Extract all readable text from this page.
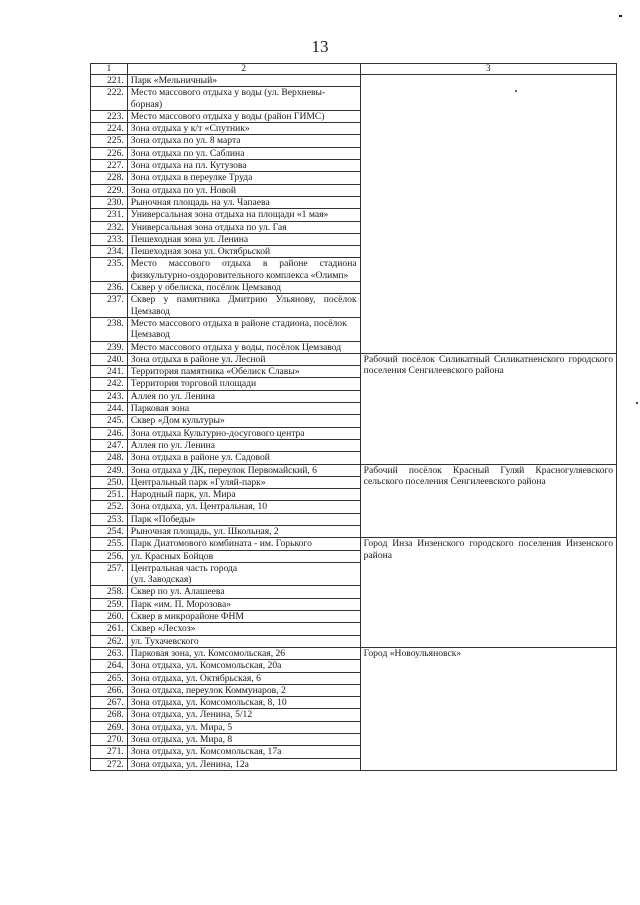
13
1	2	3
221.	Парк «Мельничный»	
222.	Место массового отдыха у воды (ул. Верхневы-борная)	
223.	Место массового отдыха у воды (район ГИМС)	
224.	Зона отдыха у к/т «Спутник»	
225.	Зона отдыха по ул. 8 марта	
226.	Зона отдыха по ул. Саблина	
227.	Зона отдыха на пл. Кутузова	
228.	Зона отдыха в переулке Труда	
229.	Зона отдыха по ул. Новой	
230.	Рыночная площадь на ул. Чапаева	
231.	Универсальная зона отдыха на площади «1 мая»	
232.	Универсальная зона отдыха по ул. Гая	
233.	Пешеходная зона ул. Ленина	
234.	Пешеходная зона ул. Октябрьской	
235.	Место массового отдыха в районе стадиона физкультурно-оздоровительного комплекса «Олимп»	
236.	Сквер у обелиска, посёлок Цемзавод	
237.	Сквер у памятника Дмитрию Ульянову, посёлок Цемзавод	
238.	Место массового отдыха в районе стадиона, посёлок Цемзавод	
239.	Место массового отдыха у воды, посёлок Цемзавод	
240.	Зона отдыха в районе ул. Лесной	Рабочий посёлок Силикатный Силикатненского городского поселения Сенгилеевского района
241.	Территория памятника «Обелиск Славы»	
242.	Территория торговой площади	
243.	Аллея по ул. Ленина	
244.	Парковая зона	
245.	Сквер «Дом культуры»	
246.	Зона отдыха Культурно-досугового центра	
247.	Аллея по ул. Ленина	
248.	Зона отдыха в районе ул. Садовой	
249.	Зона отдыха у ДК, переулок Первомайский, 6	Рабочий посёлок Красный Гуляй Красногуляевского сельского поселения Сенгилеевского района
250.	Центральный парк «Гуляй-парк»	
251.	Народный парк, ул. Мира	
252.	Зона отдыха, ул. Центральная, 10	
253.	Парк «Победы»	
254.	Рыночная площадь, ул. Школьная, 2	
255.	Парк Диатомового комбината - им. Горького	Город Инза Инзенского городского поселения Инзенского района
256.	ул. Красных Бойцов	
257.	Центральная часть города
(ул. Заводская)	

258.	Сквер по ул. Алашеева	
259.	Парк «им. П. Морозова»	
260.	Сквер в микрорайоне ФНМ	
261.	Сквер «Лесхоз»	
262.	ул. Тухачевского	
263.	Парковая зона, ул. Комсомольская, 26	Город «Новоульяновск»
264.	Зона отдыха, ул. Комсомольская, 20а	
265.	Зона отдыха, ул. Октябрьская, 6	
266.	Зона отдыха, переулок Коммунаров, 2	
267.	Зона отдыха, ул. Комсомольская, 8, 10	
268.	Зона отдыха, ул. Ленина, 5/12	
269.	Зона отдыха, ул. Мира, 5	
270.	Зона отдыха, ул. Мира, 8	
271.	Зона отдыха, ул. Комсомольская, 17а	
272.	Зона отдыха, ул. Ленина, 12а	
